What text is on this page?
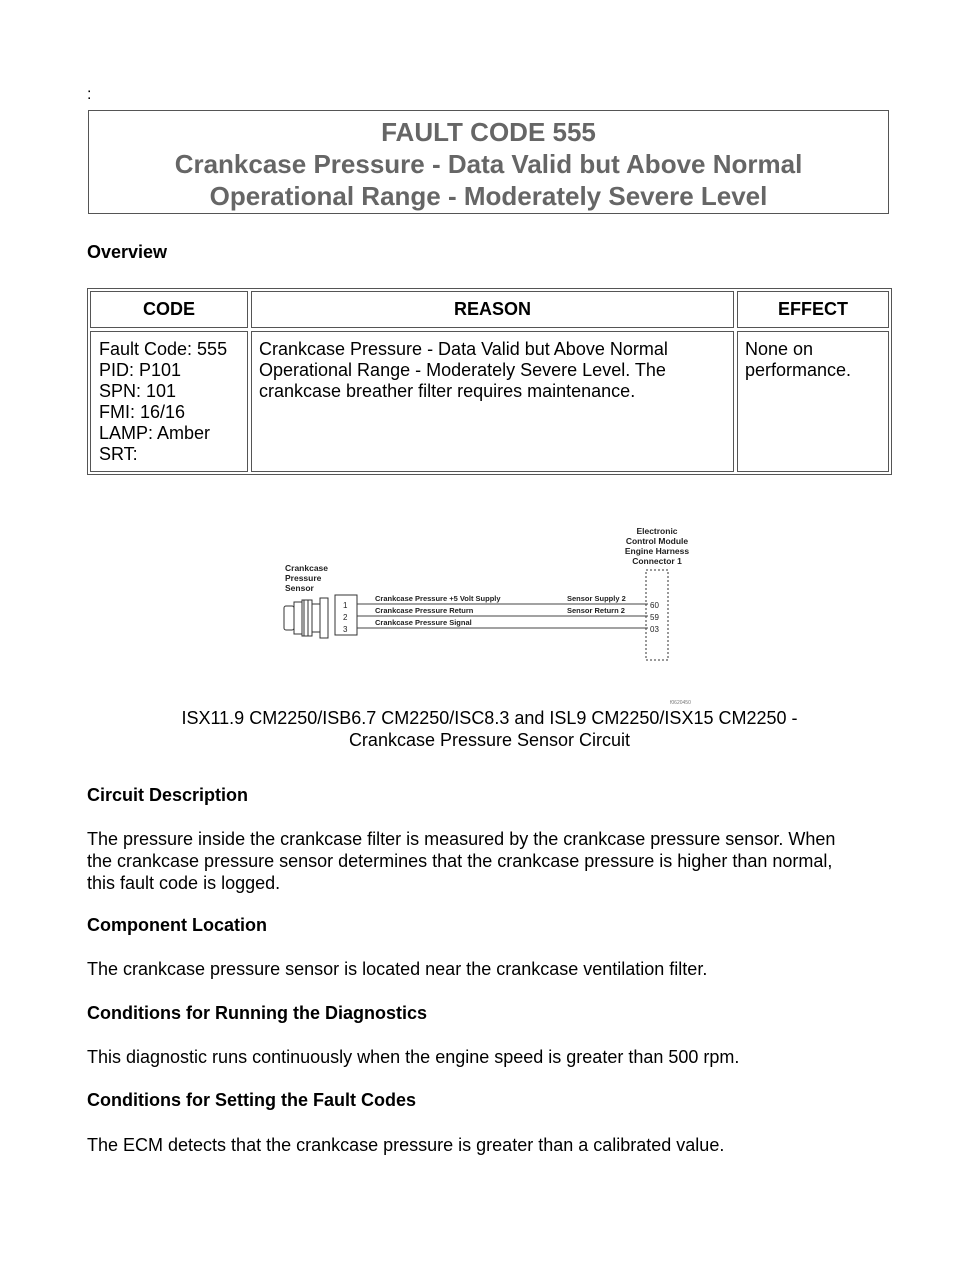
:
FAULT CODE 555
Crankcase Pressure - Data Valid but Above Normal
Operational Range - Moderately Severe Level
Overview
CODE	REASON	EFFECT
Fault Code: 555
PID: P101
SPN: 101
FMI: 16/16
LAMP: Amber
SRT:
Crankcase Pressure - Data Valid but Above Normal
Operational Range - Moderately Severe Level. The
crankcase breather filter requires maintenance.
None on
performance.
Crankcase
Pressure
Sensor
Electronic
Control Module
Engine Harness
Connector 1
1
2
3
Crankcase Pressure +5 Volt Supply
Crankcase Pressure Return
Crankcase Pressure Signal
Sensor Supply 2
Sensor Return 2
60
59
03
f0620450
ISX11.9 CM2250/ISB6.7 CM2250/ISC8.3 and ISL9 CM2250/ISX15 CM2250 -
Crankcase Pressure Sensor Circuit
Circuit Description
The pressure inside the crankcase filter is measured by the crankcase pressure sensor. When
the crankcase pressure sensor determines that the crankcase pressure is higher than normal,
this fault code is logged.
Component Location
The crankcase pressure sensor is located near the crankcase ventilation filter.
Conditions for Running the Diagnostics
This diagnostic runs continuously when the engine speed is greater than 500 rpm.
Conditions for Setting the Fault Codes
The ECM detects that the crankcase pressure is greater than a calibrated value.
